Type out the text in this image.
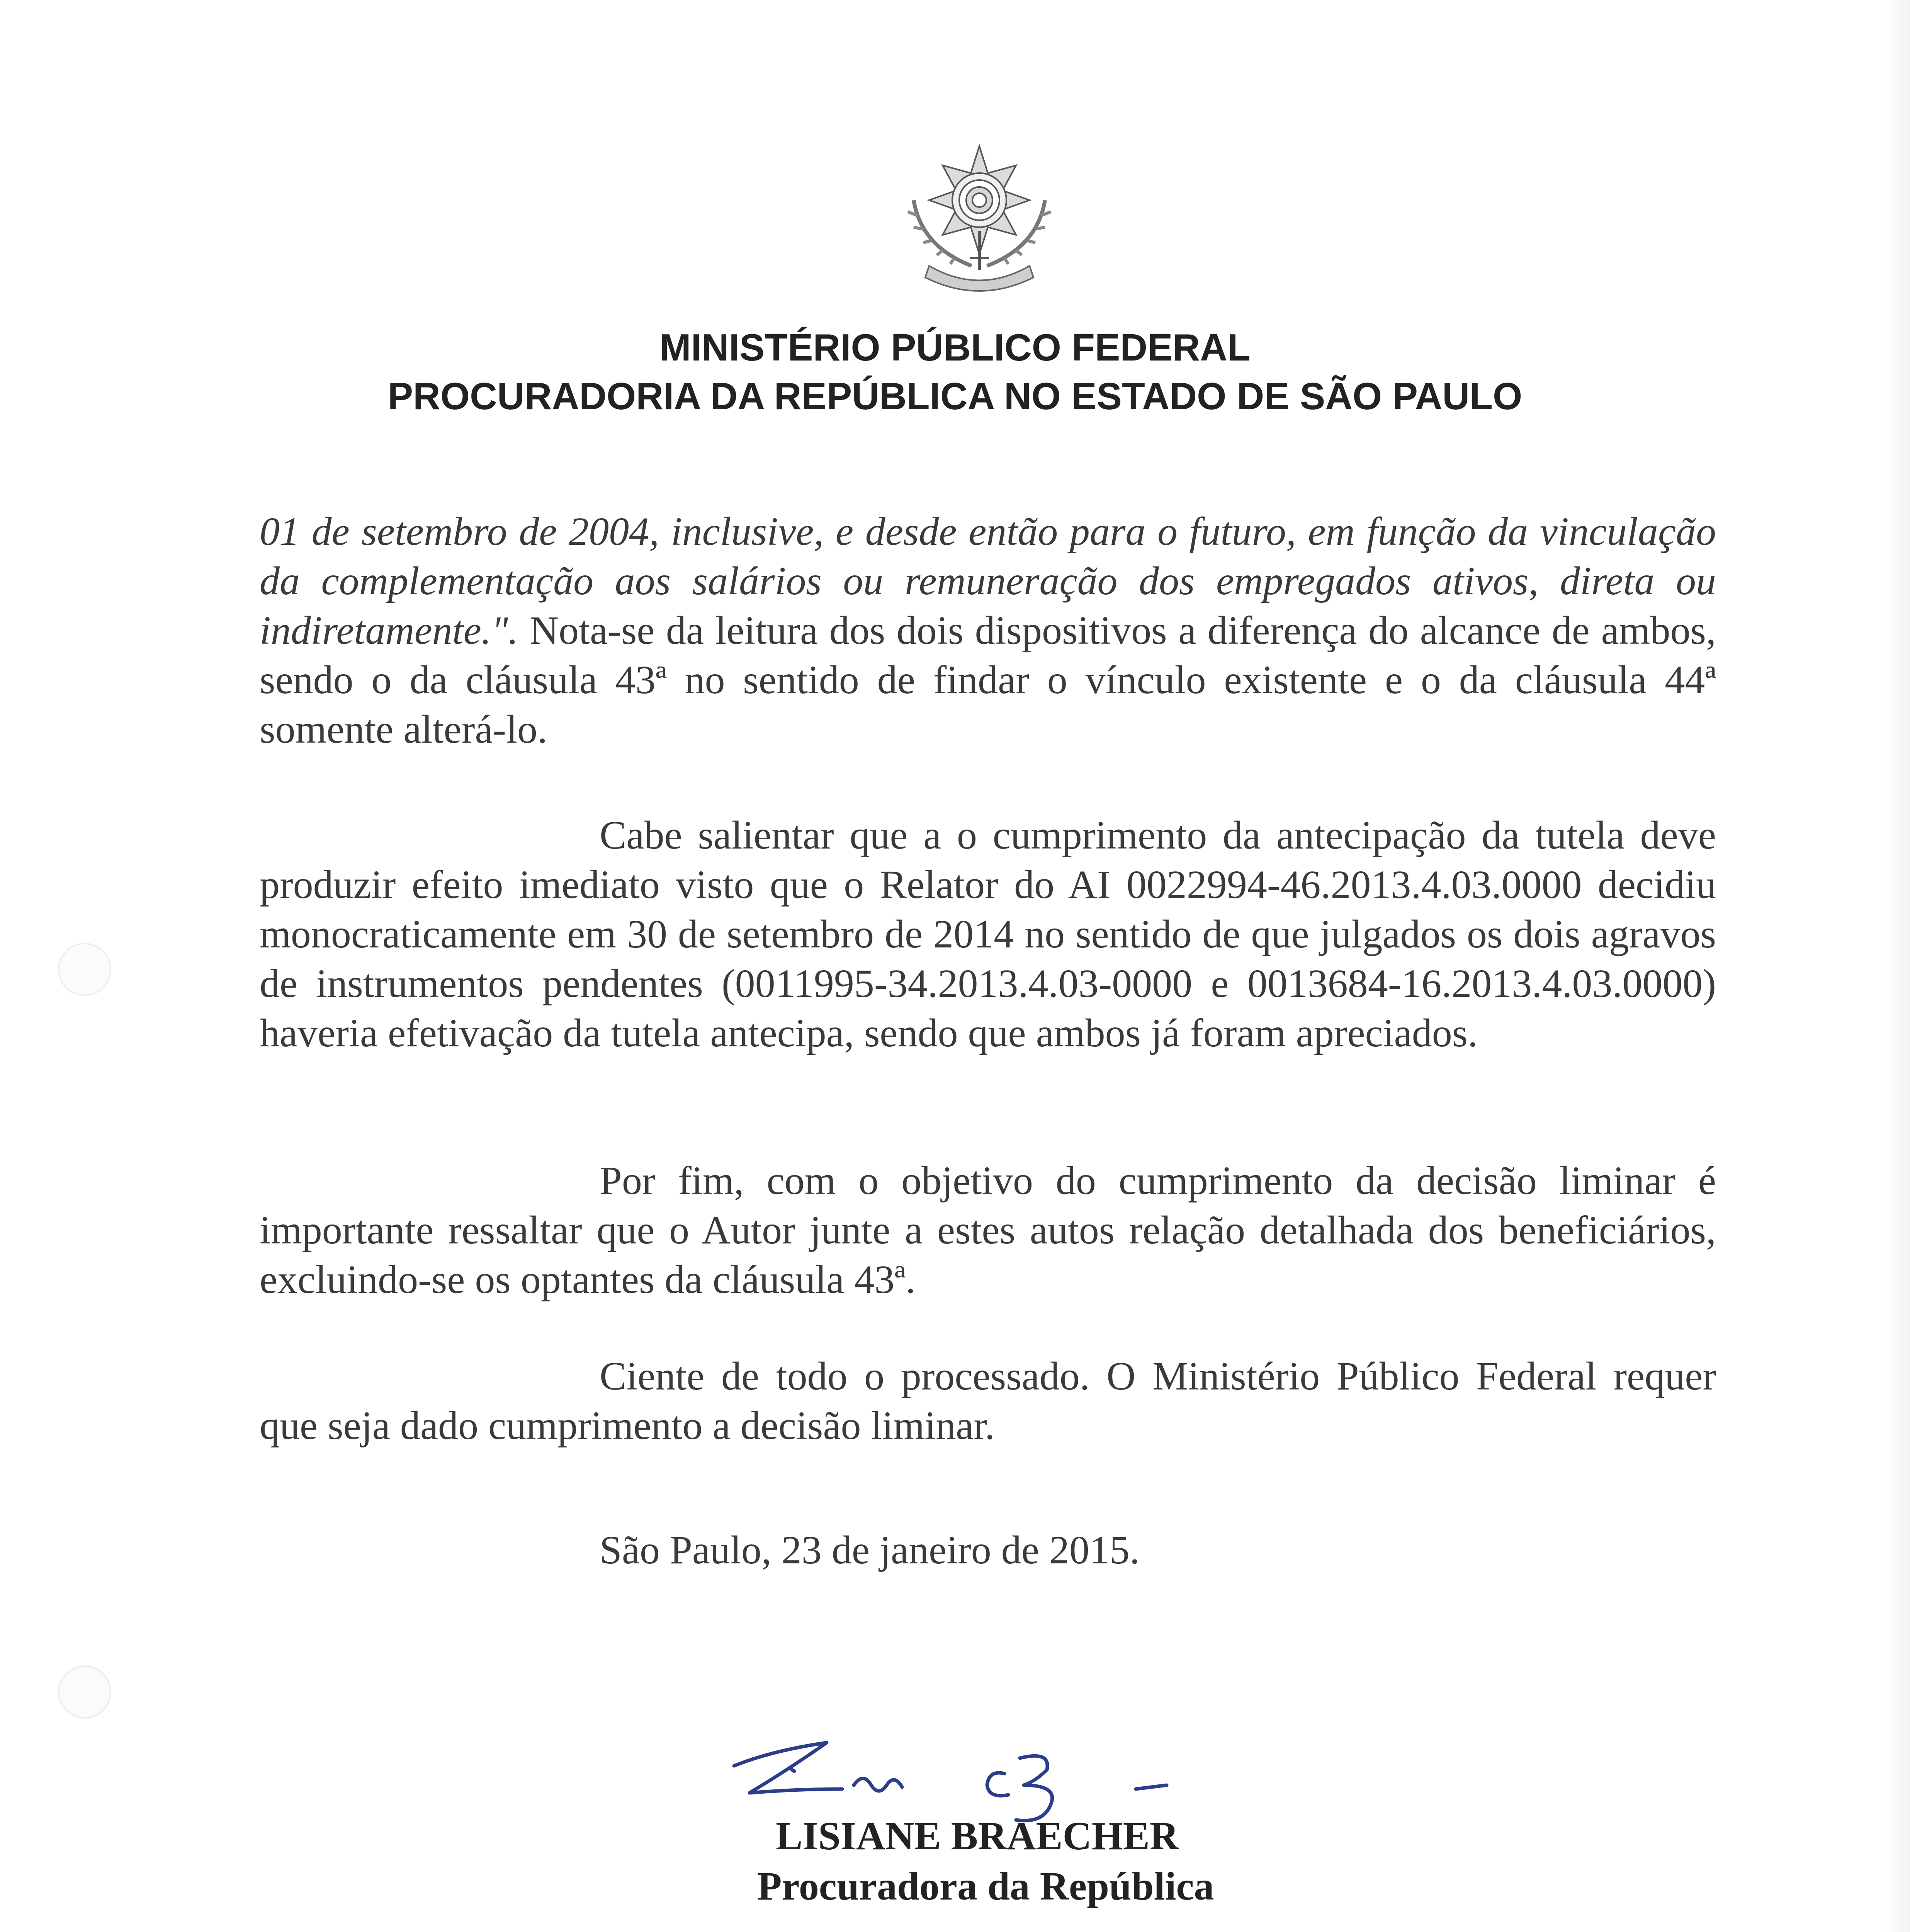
MINISTÉRIO PÚBLICO FEDERAL
PROCURADORIA DA REPÚBLICA NO ESTADO DE SÃO PAULO
01 de setembro de 2004, inclusive, e desde então para o futuro, em função da vinculação da complementação aos salários ou remuneração dos empregados ativos, direta ou indiretamente.". Nota-se da leitura dos dois dispositivos a diferença do alcance de ambos, sendo o da cláusula 43ª no sentido de findar o vínculo existente e o da cláusula 44ª somente alterá-lo.
Cabe salientar que a o cumprimento da antecipação da tutela deve produzir efeito imediato visto que o Relator do AI 0022994-46.2013.4.03.0000 decidiu monocraticamente em 30 de setembro de 2014 no sentido de que julgados os dois agravos de instrumentos pendentes (0011995-34.2013.4.03-0000 e 0013684-16.2013.4.03.0000) haveria efetivação da tutela antecipa, sendo que ambos já foram apreciados.
Por fim, com o objetivo do cumprimento da decisão liminar é importante ressaltar que o Autor junte a estes autos relação detalhada dos beneficiários, excluindo-se os optantes da cláusula 43ª.
Ciente de todo o processado. O Ministério Público Federal requer que seja dado cumprimento a decisão liminar.
São Paulo, 23 de janeiro de 2015.
LISIANE BRAECHER
Procuradora da República
